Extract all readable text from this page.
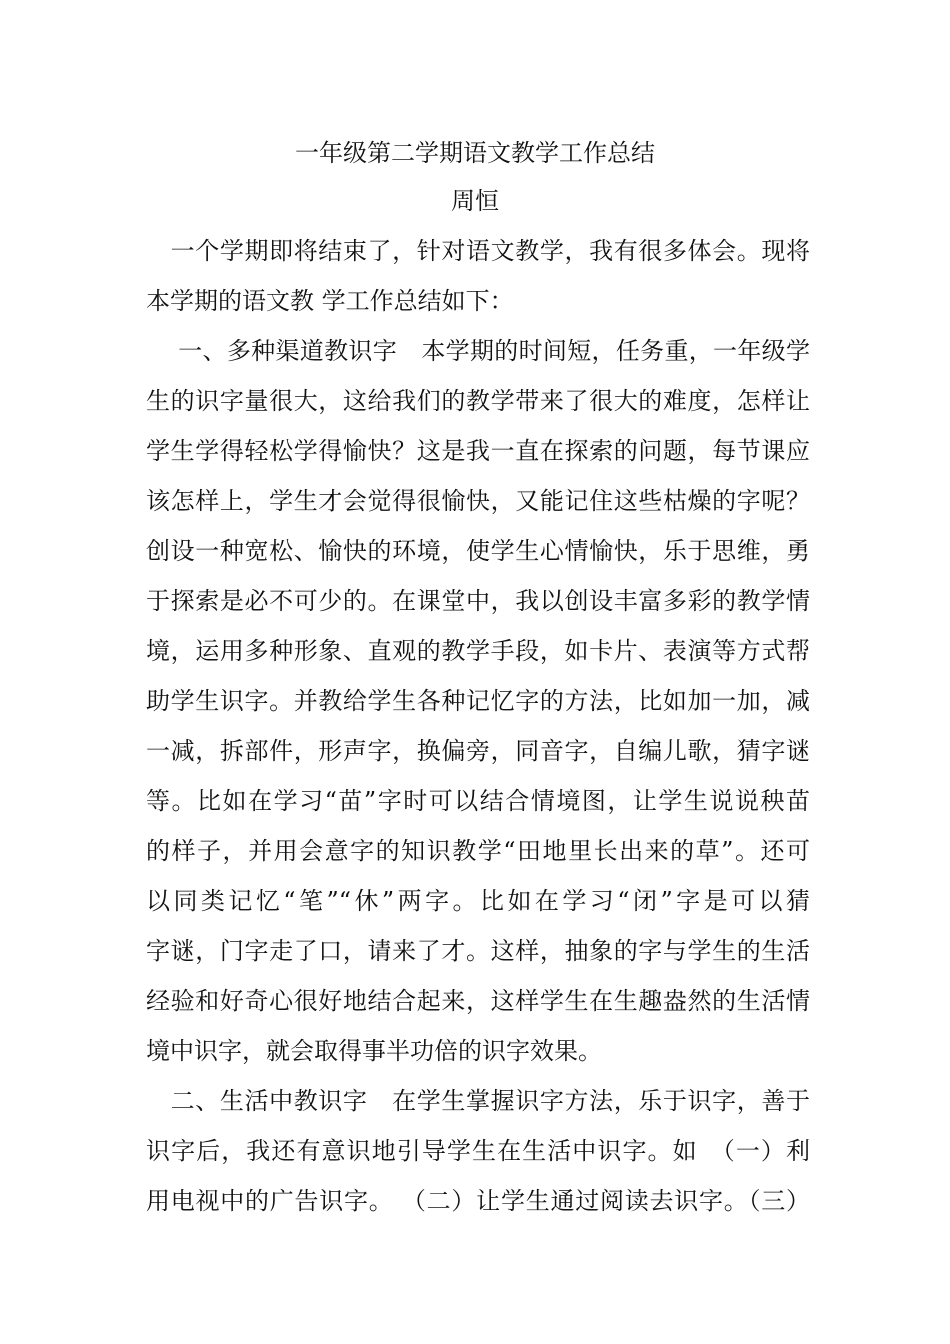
一年级第二学期语文教学工作总结
周恒
　一个学期即将结束了，针对语文教学，我有很多体会。现将
本学期的语文教 学工作总结如下：
　 一、多种渠道教识字　本学期的时间短，任务重，一年级学
生的识字量很大，这给我们的教学带来了很大的难度，怎样让
学生学得轻松学得愉快？这是我一直在探索的问题，每节课应
该怎样上，学生才会觉得很愉快，又能记住这些枯燥的字呢？
创设一种宽松、愉快的环境，使学生心情愉快，乐于思维，勇
于探索是必不可少的。在课堂中，我以创设丰富多彩的教学情
境，运用多种形象、直观的教学手段，如卡片、表演等方式帮
助学生识字。并教给学生各种记忆字的方法，比如加一加，减
一减，拆部件，形声字，换偏旁，同音字，自编儿歌，猜字谜
等。比如在学习“苗”字时可以结合情境图，让学生说说秧苗
的样子，并用会意字的知识教学“田地里长出来的草”。还可
以同类记忆“笔”“休”两字。比如在学习“闭”字是可以猜
字谜，门字走了口，请来了才。这样，抽象的字与学生的生活
经验和好奇心很好地结合起来，这样学生在生趣盎然的生活情
境中识字，就会取得事半功倍的识字效果。
　二、生活中教识字　在学生掌握识字方法，乐于识字，善于
识字后，我还有意识地引导学生在生活中识字。如　（一）利
用电视中的广告识字。 （二）让学生通过阅读去识字。（三）
